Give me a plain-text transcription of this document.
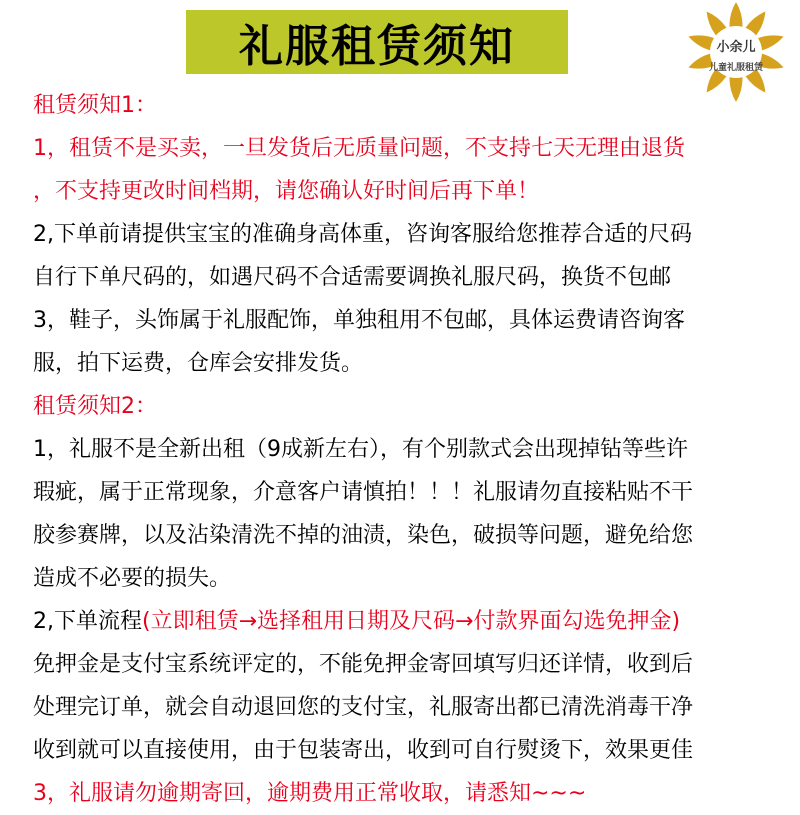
礼服租赁须知	小余儿
儿童礼服租赁
租赁须知1：
1，租赁不是买卖，一旦发货后无质量问题，不支持七天无理由退货
，不支持更改时间档期，请您确认好时间后再下单！
2,下单前请提供宝宝的准确身高体重，咨询客服给您推荐合适的尺码
自行下单尺码的，如遇尺码不合适需要调换礼服尺码，换货不包邮
3，鞋子，头饰属于礼服配饰，单独租用不包邮，具体运费请咨询客
服，拍下运费，仓库会安排发货。
租赁须知2：
1，礼服不是全新出租（9成新左右），有个别款式会出现掉钻等些许
瑕疵，属于正常现象，介意客户请慎拍！！！礼服请勿直接粘贴不干
胶参赛牌，以及沾染清洗不掉的油渍，染色，破损等问题，避免给您
造成不必要的损失。
2,下单流程(立即租赁→选择租用日期及尺码→付款界面勾选免押金)
免押金是支付宝系统评定的，不能免押金寄回填写归还详情，收到后
处理完订单，就会自动退回您的支付宝，礼服寄出都已清洗消毒干净
收到就可以直接使用，由于包装寄出，收到可自行熨烫下，效果更佳
3，礼服请勿逾期寄回，逾期费用正常收取，请悉知~~~
